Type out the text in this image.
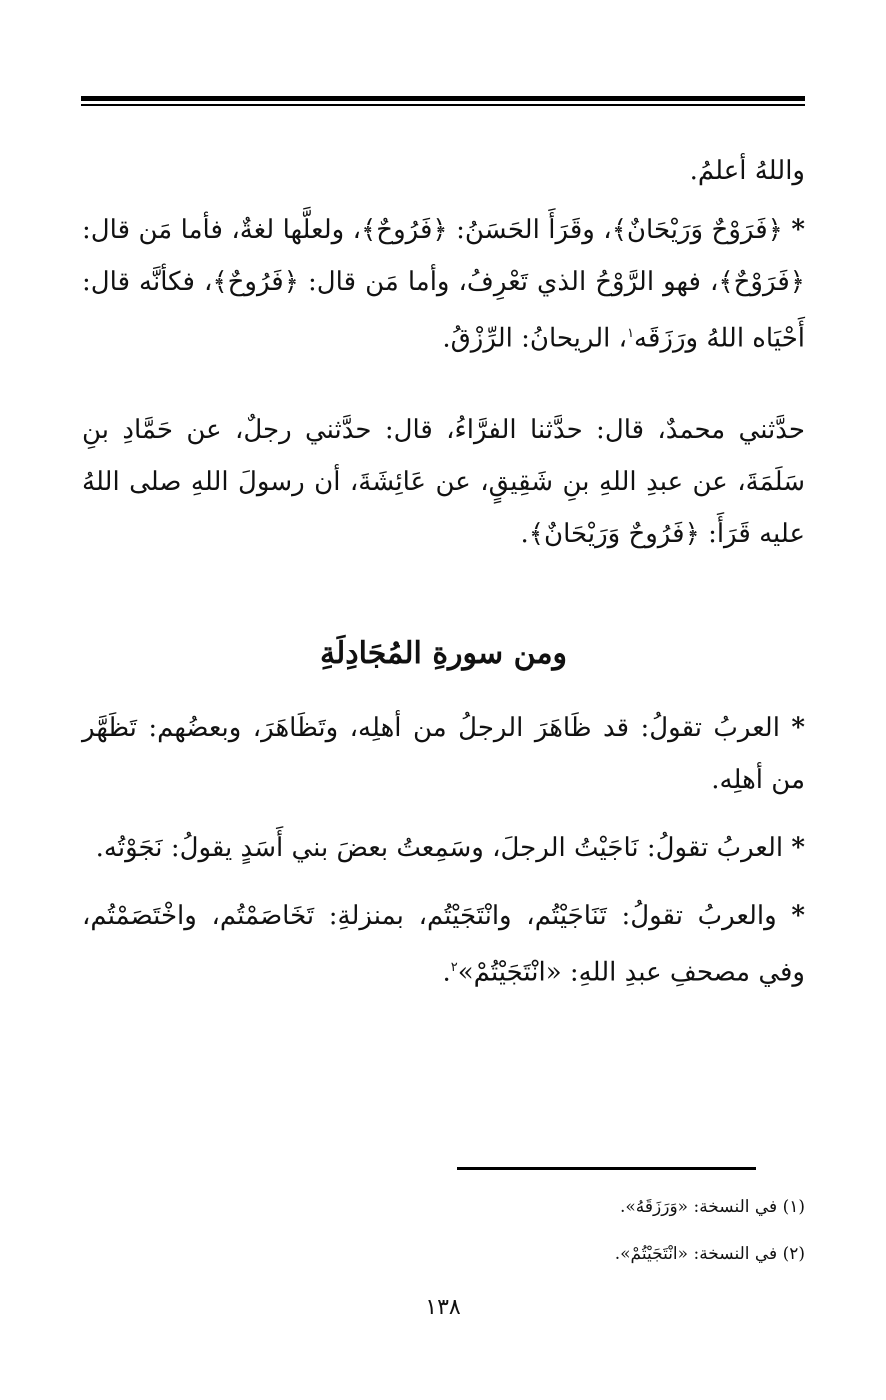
واللهُ أعلمُ.

* ﴿فَرَوْحٌ وَرَيْحَانٌ﴾، وقَرَأَ الحَسَنُ: ﴿فَرُوحٌ﴾، ولعلَّها لغةٌ، فأما مَن قال: ﴿فَرَوْحٌ﴾، فهو الرَّوْحُ الذي تَعْرِفُ، وأما مَن قال: ﴿فَرُوحٌ﴾، فكأنَّه قال: أَحْيَاه اللهُ ورَزَقَه$^١$، الريحانُ: الرِّزْقُ.

حدَّثني محمدٌ، قال: حدَّثنا الفرَّاءُ، قال: حدَّثني رجلٌ، عن حَمَّادِ بنِ سَلَمَةَ، عن عبدِ اللهِ بنِ شَقِيقٍ، عن عَائِشَةَ، أن رسولَ اللهِ صلى اللهُ عليه قَرَأَ: ﴿فَرُوحٌ وَرَيْحَانٌ﴾.

ومن سورةِ المُجَادِلَةِ

* العربُ تقولُ: قد ظَاهَرَ الرجلُ من أهلِه، وتَظَاهَرَ، وبعضُهم: تَظَهَّر من أهلِه.

* العربُ تقولُ: نَاجَيْتُ الرجلَ، وسَمِعتُ بعضَ بني أَسَدٍ يقولُ: نَجَوْتُه.

* والعربُ تقولُ: تَنَاجَيْتُم، وانْتَجَيْتُم، بمنزلةِ: تَخَاصَمْتُم، واخْتَصَمْتُم، وفي مصحفِ عبدِ اللهِ: «انْتَجَيْتُمْ»$^٢$.

(١) في النسخة: «وَرَزَقَهُ».

(٢) في النسخة: «انْتَجَيْتُمْ».

١٣٨
